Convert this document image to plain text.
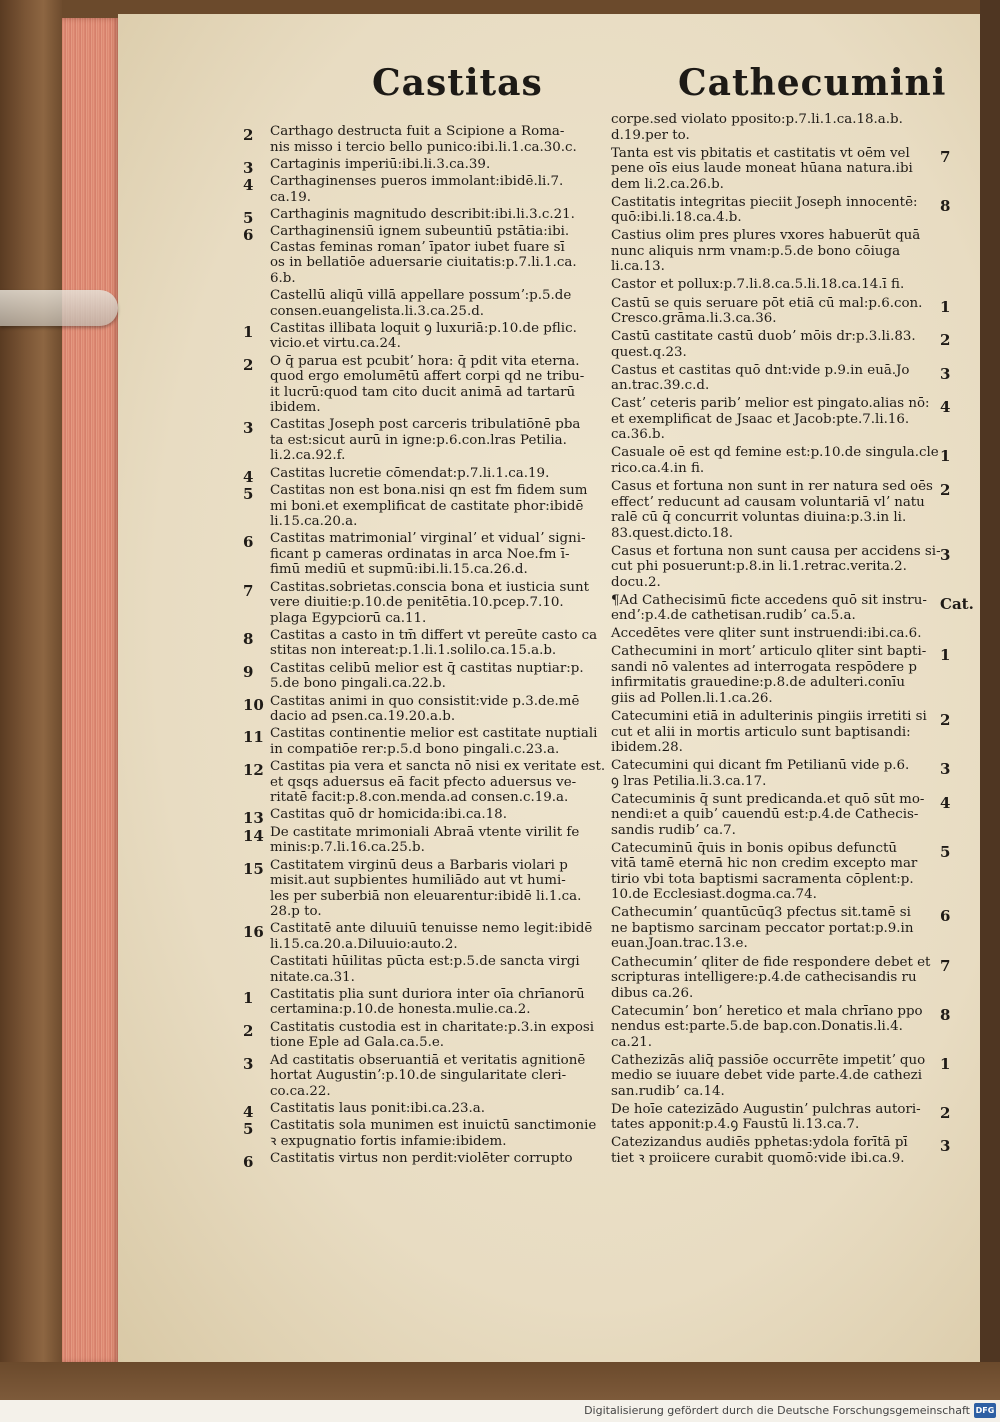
Castitas	Cathecumini
2 Carthago destructa fuit a Scipione a Roma-
nis misso i tercio bello punico:ibi.li.1.ca.30.c.
3 Cartaginis imperiū:ibi.li.3.ca.39.
4 Carthaginenses pueros immolant:ibidē.li.7.
ca.19.
5 Carthaginis magnitudo describit:ibi.li.3.c.21.
6 Carthaginensiū ignem subeuntiū pstātia:ibi.
Castas feminas romanʼ īpator iubet fuare sī
os in bellatiōe aduersarie ciuitatis:p.7.li.1.ca.
6.b.
Castellū aliqū villā appellare possumʼ:p.5.de
consen.euangelista.li.3.ca.25.d.
1 Castitas illibata loquit ꝯ luxuriā:p.10.de pflic.
vicio.et virtu.ca.24.
2 O q̄ parua est pcubitʼ hora: q̄ pdit vita eterna.
quod ergo emolumētū affert corpi qd ne tribu-
it lucrū:quod tam cito ducit animā ad tartarū
ibidem.
3 Castitas Joseph post carceris tribulatiōnē pba
ta est:sicut aurū in igne:p.6.con.lras Petilia.
li.2.ca.92.f.
4 Castitas lucretie cōmendat:p.7.li.1.ca.19.
5 Castitas non est bona.nisi qn est fm fidem sum
mi boni.et exemplificat de castitate phor:ibidē
li.15.ca.20.a.
6 Castitas matrimonialʼ virginalʼ et vidualʼ signi-
ficant p cameras ordinatas in arca Noe.fm ī-
fimū mediū et supmū:ibi.li.15.ca.26.d.
7 Castitas.sobrietas.conscia bona et iusticia sunt
vere diuitie:p.10.de penitētia.10.pcep.7.10.
plaga Egypciorū ca.11.
8 Castitas a casto in tm̄ differt vt pereūte casto ca
stitas non intereat:p.1.li.1.solilo.ca.15.a.b.
9 Castitas celibū melior est q̄ castitas nuptiar:p.
5.de bono pingali.ca.22.b.
10 Castitas animi in quo consistit:vide p.3.de.mē
dacio ad psen.ca.19.20.a.b.
11 Castitas continentie melior est castitate nuptiali
in compatiōe rer:p.5.d bono pingali.c.23.a.
12 Castitas pia vera et sancta nō nisi ex veritate est.
et qsqs aduersus eā facit pfecto aduersus ve-
ritatē facit:p.8.con.menda.ad consen.c.19.a.
13 Castitas quō dr homicida:ibi.ca.18.
14 De castitate mrimoniali Abraā vtente virilit fe
minis:p.7.li.16.ca.25.b.
15 Castitatem virginū deus a Barbaris violari p
misit.aut supbientes humiliādo aut vt humi-
les per suberbiā non eleuarentur:ibidē li.1.ca.
28.p to.
16 Castitatē ante diluuiū tenuisse nemo legit:ibidē
li.15.ca.20.a.Diluuio:auto.2.
Castitati hūilitas pūcta est:p.5.de sancta virgi
nitate.ca.31.
1 Castitatis plia sunt duriora inter oīa chrīanorū
certamina:p.10.de honesta.mulie.ca.2.
2 Castitatis custodia est in charitate:p.3.in exposi
tione Eple ad Gala.ca.5.e.
3 Ad castitatis obseruantiā et veritatis agnitionē
hortat Augustinʼ:p.10.de singularitate cleri-
co.ca.22.
4 Castitatis laus ponit:ibi.ca.23.a.
5 Castitatis sola munimen est inuictū sanctimonie
ꝛ expugnatio fortis infamie:ibidem.
6 Castitatis virtus non perdit:violēter corrupto
corpe.sed violato pposito:p.7.li.1.ca.18.a.b.
d.19.per to.
7
Tanta est vis pbitatis et castitatis vt oēm vel
pene oīs eius laude moneat hūana natura.ibi
dem li.2.ca.26.b.
8
Castitatis integritas pieciit Joseph innocentē:
quō:ibi.li.18.ca.4.b.
Castius olim pres plures vxores habuerūt quā
nunc aliquis nrm vnam:p.5.de bono cōiuga
li.ca.13.
Castor et pollux:p.7.li.8.ca.5.li.18.ca.14.ī fi.
1
Castū se quis seruare pōt etiā cū mal:p.6.con.
Cresco.grāma.li.3.ca.36.
2
Castū castitate castū duobʼ mōis dr:p.3.li.83.
quest.q.23.
3
Castus et castitas quō dnt:vide p.9.in euā.Jo
an.trac.39.c.d.
4
Castʼ ceteris paribʼ melior est pingato.alias nō:
et exemplificat de Jsaac et Jacob:pte.7.li.16.
ca.36.b.
1
Casuale oē est qd femine est:p.10.de singula.cle
rico.ca.4.in fi.
2
Casus et fortuna non sunt in rer natura sed oēs
effectʼ reducunt ad causam voluntariā vlʼ natu
ralē cū q̄ concurrit voluntas diuina:p.3.in li.
83.quest.dicto.18.
3
Casus et fortuna non sunt causa per accidens si-
cut phi posuerunt:p.8.in li.1.retrac.verita.2.
docu.2.
Cat.
¶Ad Cathecisimū ficte accedens quō sit instru-
endʼ:p.4.de cathetisan.rudibʼ ca.5.a.
Accedētes vere qliter sunt instruendi:ibi.ca.6.
1
Cathecumini in mortʼ articulo qliter sint bapti-
sandi nō valentes ad interrogata respōdere p
infirmitatis grauedine:p.8.de adulteri.conīu
giis ad Pollen.li.1.ca.26.
2
Catecumini etiā in adulterinis pingiis irretiti si
cut et alii in mortis articulo sunt baptisandi:
ibidem.28.
3
Catecumini qui dicant fm Petilianū vide p.6.
ꝯ lras Petilia.li.3.ca.17.
4
Catecuminis q̄ sunt predicanda.et quō sūt mo-
nendi:et a quibʼ cauendū est:p.4.de Cathecis-
sandis rudibʼ ca.7.
5
Catecuminū q̄uis in bonis opibus defunctū
vitā tamē eternā hic non credim excepto mar
tirio vbi tota baptismi sacramenta cōplent:p.
10.de Ecclesiast.dogma.ca.74.
6
Cathecuminʼ quantūcūq3 pfectus sit.tamē si
ne baptismo sarcinam peccator portat:p.9.in
euan.Joan.trac.13.e.
7
Cathecuminʼ qliter de fide respondere debet et
scripturas intelligere:p.4.de cathecisandis ru
dibus ca.26.
8
Catecuminʼ bonʼ heretico et mala chrīano ppo
nendus est:parte.5.de bap.con.Donatis.li.4.
ca.21.
1
Cathezizās aliq̄ passiōe occurrēte impetitʼ quo
medio se iuuare debet vide parte.4.de cathezi
san.rudibʼ ca.14.
2
De hoīe catezizādo Augustinʼ pulchras autori-
tates apponit:p.4.ꝯ Faustū li.13.ca.7.
3
Catezizandus audiēs pphetas:ydola forītā pī
tiet ꝛ proiicere curabit quomō:vide ibi.ca.9.
Digitalisierung gefördert durch die Deutsche Forschungsgemeinschaft DFG
